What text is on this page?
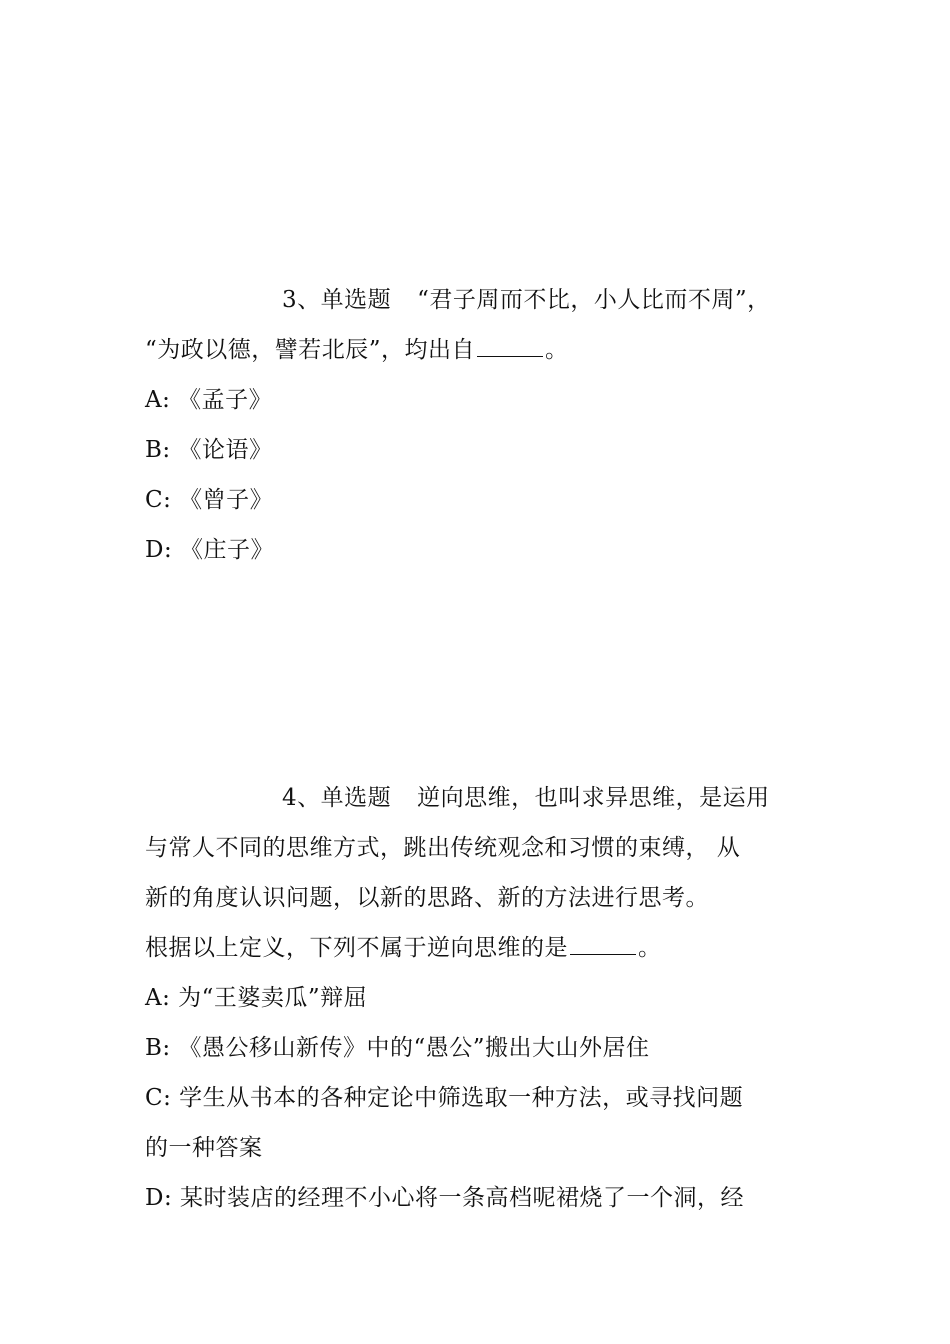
3、单选题 “君子周而不比，小人比而不周”，
“为政以德，譬若北辰”，均出自	。
A: 《孟子》
B: 《论语》
C: 《曾子》
D: 《庄子》
4、单选题 逆向思维，也叫求异思维，是运用
与常人不同的思维方式，跳出传统观念和习惯的束缚， 从
新的角度认识问题，以新的思路、新的方法进行思考。
根据以上定义，下列不属于逆向思维的是	。
A: 为“王婆卖瓜”辩屈
B: 《愚公移山新传》中的“愚公”搬出大山外居住
C: 学生从书本的各种定论中筛选取一种方法，或寻找问题
的一种答案
D: 某时装店的经理不小心将一条高档呢裙烧了一个洞，经
